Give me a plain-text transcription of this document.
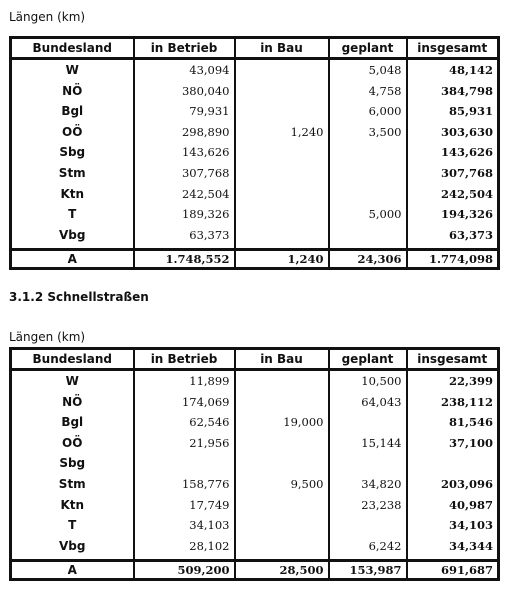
Längen (km)
Bundesland	in Betrieb	in Bau	geplant	insgesamt
W	43,094		5,048	48,142
NÖ	380,040		4,758	384,798
Bgl	79,931		6,000	85,931
OÖ	298,890	1,240	3,500	303,630
Sbg	143,626			143,626
Stm	307,768			307,768
Ktn	242,504			242,504
T	189,326		5,000	194,326
Vbg	63,373			63,373
A	1.748,552	1,240	24,306	1.774,098
3.1.2 Schnellstraßen
Längen (km)
Bundesland	in Betrieb	in Bau	geplant	insgesamt
W	11,899		10,500	22,399
NÖ	174,069		64,043	238,112
Bgl	62,546	19,000		81,546
OÖ	21,956		15,144	37,100
Sbg				
Stm	158,776	9,500	34,820	203,096
Ktn	17,749		23,238	40,987
T	34,103			34,103
Vbg	28,102		6,242	34,344
A	509,200	28,500	153,987	691,687
